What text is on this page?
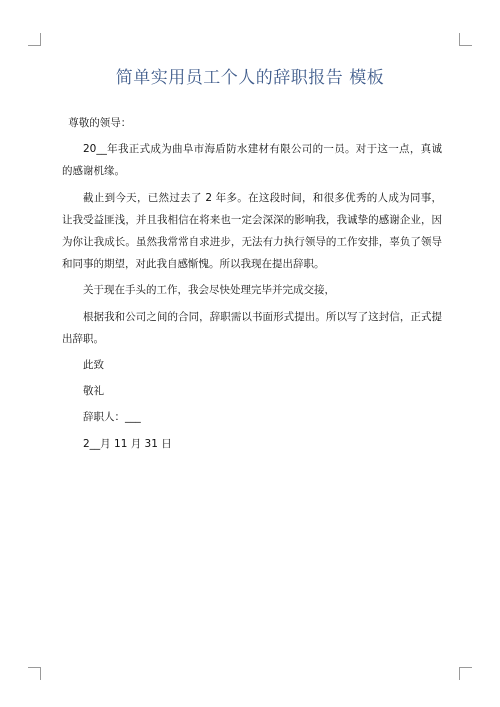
简单实用员工个人的辞职报告 模板

尊敬的领导：

20__年我正式成为曲阜市海盾防水建材有限公司的一员。对于这一点，真诚的感谢机缘。

截止到今天，已然过去了 2 年多。在这段时间，和很多优秀的人成为同事，让我受益匪浅，并且我相信在将来也一定会深深的影响我，我诚挚的感谢企业，因为你让我成长。虽然我常常自求进步，无法有力执行领导的工作安排，辜负了领导和同事的期望，对此我自感惭愧。所以我现在提出辞职。

关于现在手头的工作，我会尽快处理完毕并完成交接，

根据我和公司之间的合同，辞职需以书面形式提出。所以写了这封信，正式提出辞职。

此致

敬礼

辞职人：___

2__月 11 月 31 日
